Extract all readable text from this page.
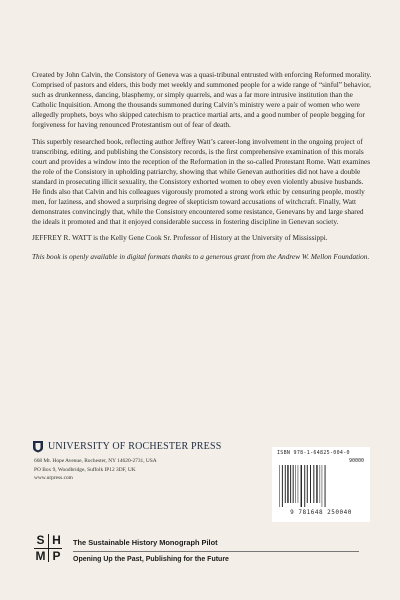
Created by John Calvin, the Consistory of Geneva was a quasi-tribunal entrusted with enforcing Reformed morality. Comprised of pastors and elders, this body met weekly and summoned people for a wide range of “sinful” behavior, such as drunkenness, dancing, blasphemy, or simply quarrels, and was a far more intrusive institution than the Catholic Inquisition. Among the thousands summoned during Calvin’s ministry were a pair of women who were allegedly prophets, boys who skipped catechism to practice martial arts, and a good number of people begging for forgiveness for having renounced Protestantism out of fear of death.

This superbly researched book, reflecting author Jeffrey Watt’s career-long involvement in the ongoing project of transcribing, editing, and publishing the Consistory records, is the first comprehensive examination of this morals court and provides a window into the reception of the Reformation in the so-called Protestant Rome. Watt examines the role of the Consistory in upholding patriarchy, showing that while Genevan authorities did not have a double standard in prosecuting illicit sexuality, the Consistory exhorted women to obey even violently abusive husbands. He finds also that Calvin and his colleagues vigorously promoted a strong work ethic by censuring people, mostly men, for laziness, and showed a surprising degree of skepticism toward accusations of witchcraft. Finally, Watt demonstrates convincingly that, while the Consistory encountered some resistance, Genevans by and large shared the ideals it promoted and that it enjoyed considerable success in fostering discipline in Genevan society.

JEFFREY R. WATT is the Kelly Gene Cook Sr. Professor of History at the University of Mississippi.

This book is openly available in digital formats thanks to a generous grant from the Andrew W. Mellon Foundation.

UNIVERSITY OF ROCHESTER PRESS
668 Mt. Hope Avenue, Rochester, NY 14620-2731, USA
PO Box 9, Woodbridge, Suffolk IP12 3DF, UK
www.urpress.com
ISBN 978-1-64825-004-0
90000
9 781648 250040
S H
M P
The Sustainable History Monograph Pilot
Opening Up the Past, Publishing for the Future
